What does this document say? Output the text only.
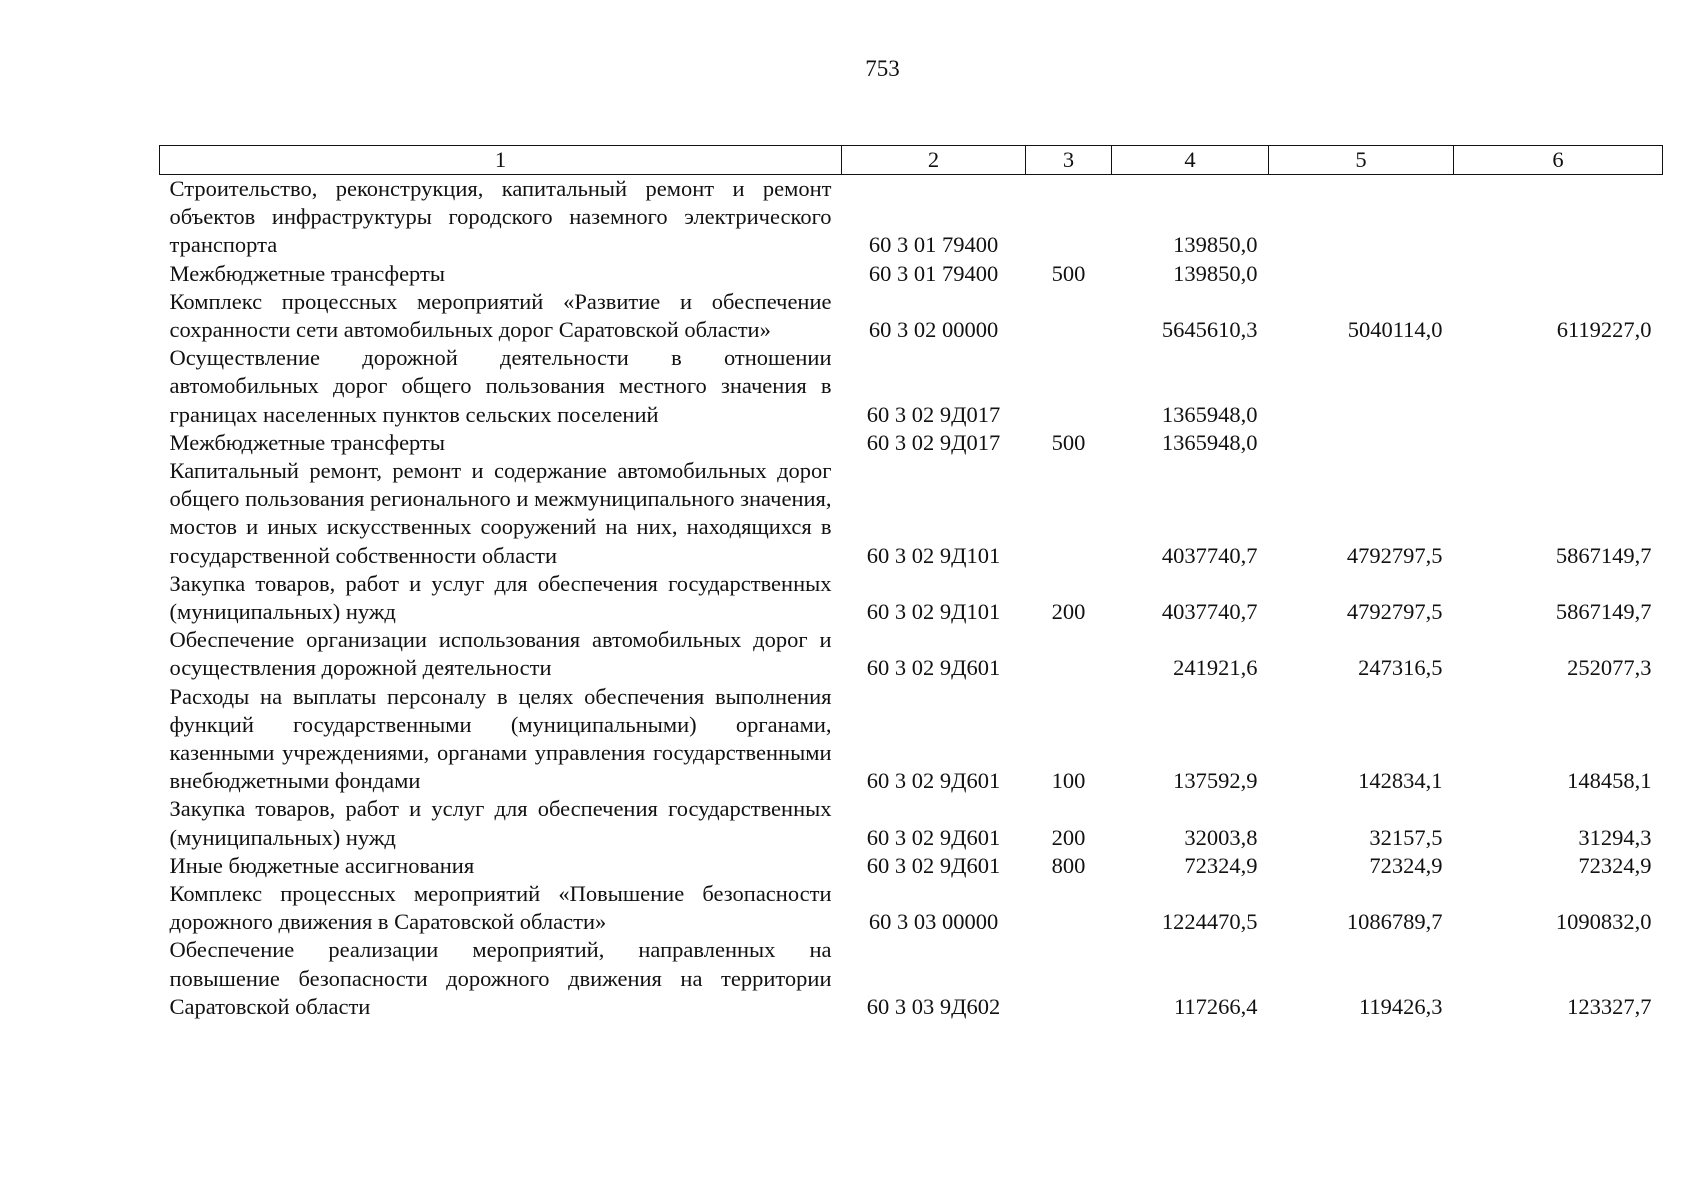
753
1	2	3	4	5	6
Строительство, реконструкция, капитальный ремонт и ремонт объектов инфраструктуры городского наземного электрического транспорта	60 3 01 79400		139850,0		
Межбюджетные трансферты	60 3 01 79400	500	139850,0		
Комплекс процессных мероприятий «Развитие и обеспечение сохранности сети автомобильных дорог Саратовской области»	60 3 02 00000		5645610,3	5040114,0	6119227,0
Осуществление дорожной деятельности в отношении автомобильных дорог общего пользования местного значения в границах населенных пунктов сельских поселений	60 3 02 9Д017		1365948,0		
Межбюджетные трансферты	60 3 02 9Д017	500	1365948,0		
Капитальный ремонт, ремонт и содержание автомобильных дорог общего пользования регионального и межмуниципального значения, мостов и иных искусственных сооружений на них, находящихся в государственной собственности области	60 3 02 9Д101		4037740,7	4792797,5	5867149,7
Закупка товаров, работ и услуг для обеспечения государственных (муниципальных) нужд	60 3 02 9Д101	200	4037740,7	4792797,5	5867149,7
Обеспечение организации использования автомобильных дорог и осуществления дорожной деятельности	60 3 02 9Д601		241921,6	247316,5	252077,3
Расходы на выплаты персоналу в целях обеспечения выполнения функций государственными (муниципальными) органами, казенными учреждениями, органами управления государственными внебюджетными фондами	60 3 02 9Д601	100	137592,9	142834,1	148458,1
Закупка товаров, работ и услуг для обеспечения государственных (муниципальных) нужд	60 3 02 9Д601	200	32003,8	32157,5	31294,3
Иные бюджетные ассигнования	60 3 02 9Д601	800	72324,9	72324,9	72324,9
Комплекс процессных мероприятий «Повышение безопасности дорожного движения в Саратовской области»	60 3 03 00000		1224470,5	1086789,7	1090832,0
Обеспечение реализации мероприятий, направленных на повышение безопасности дорожного движения на территории Саратовской области	60 3 03 9Д602		117266,4	119426,3	123327,7
